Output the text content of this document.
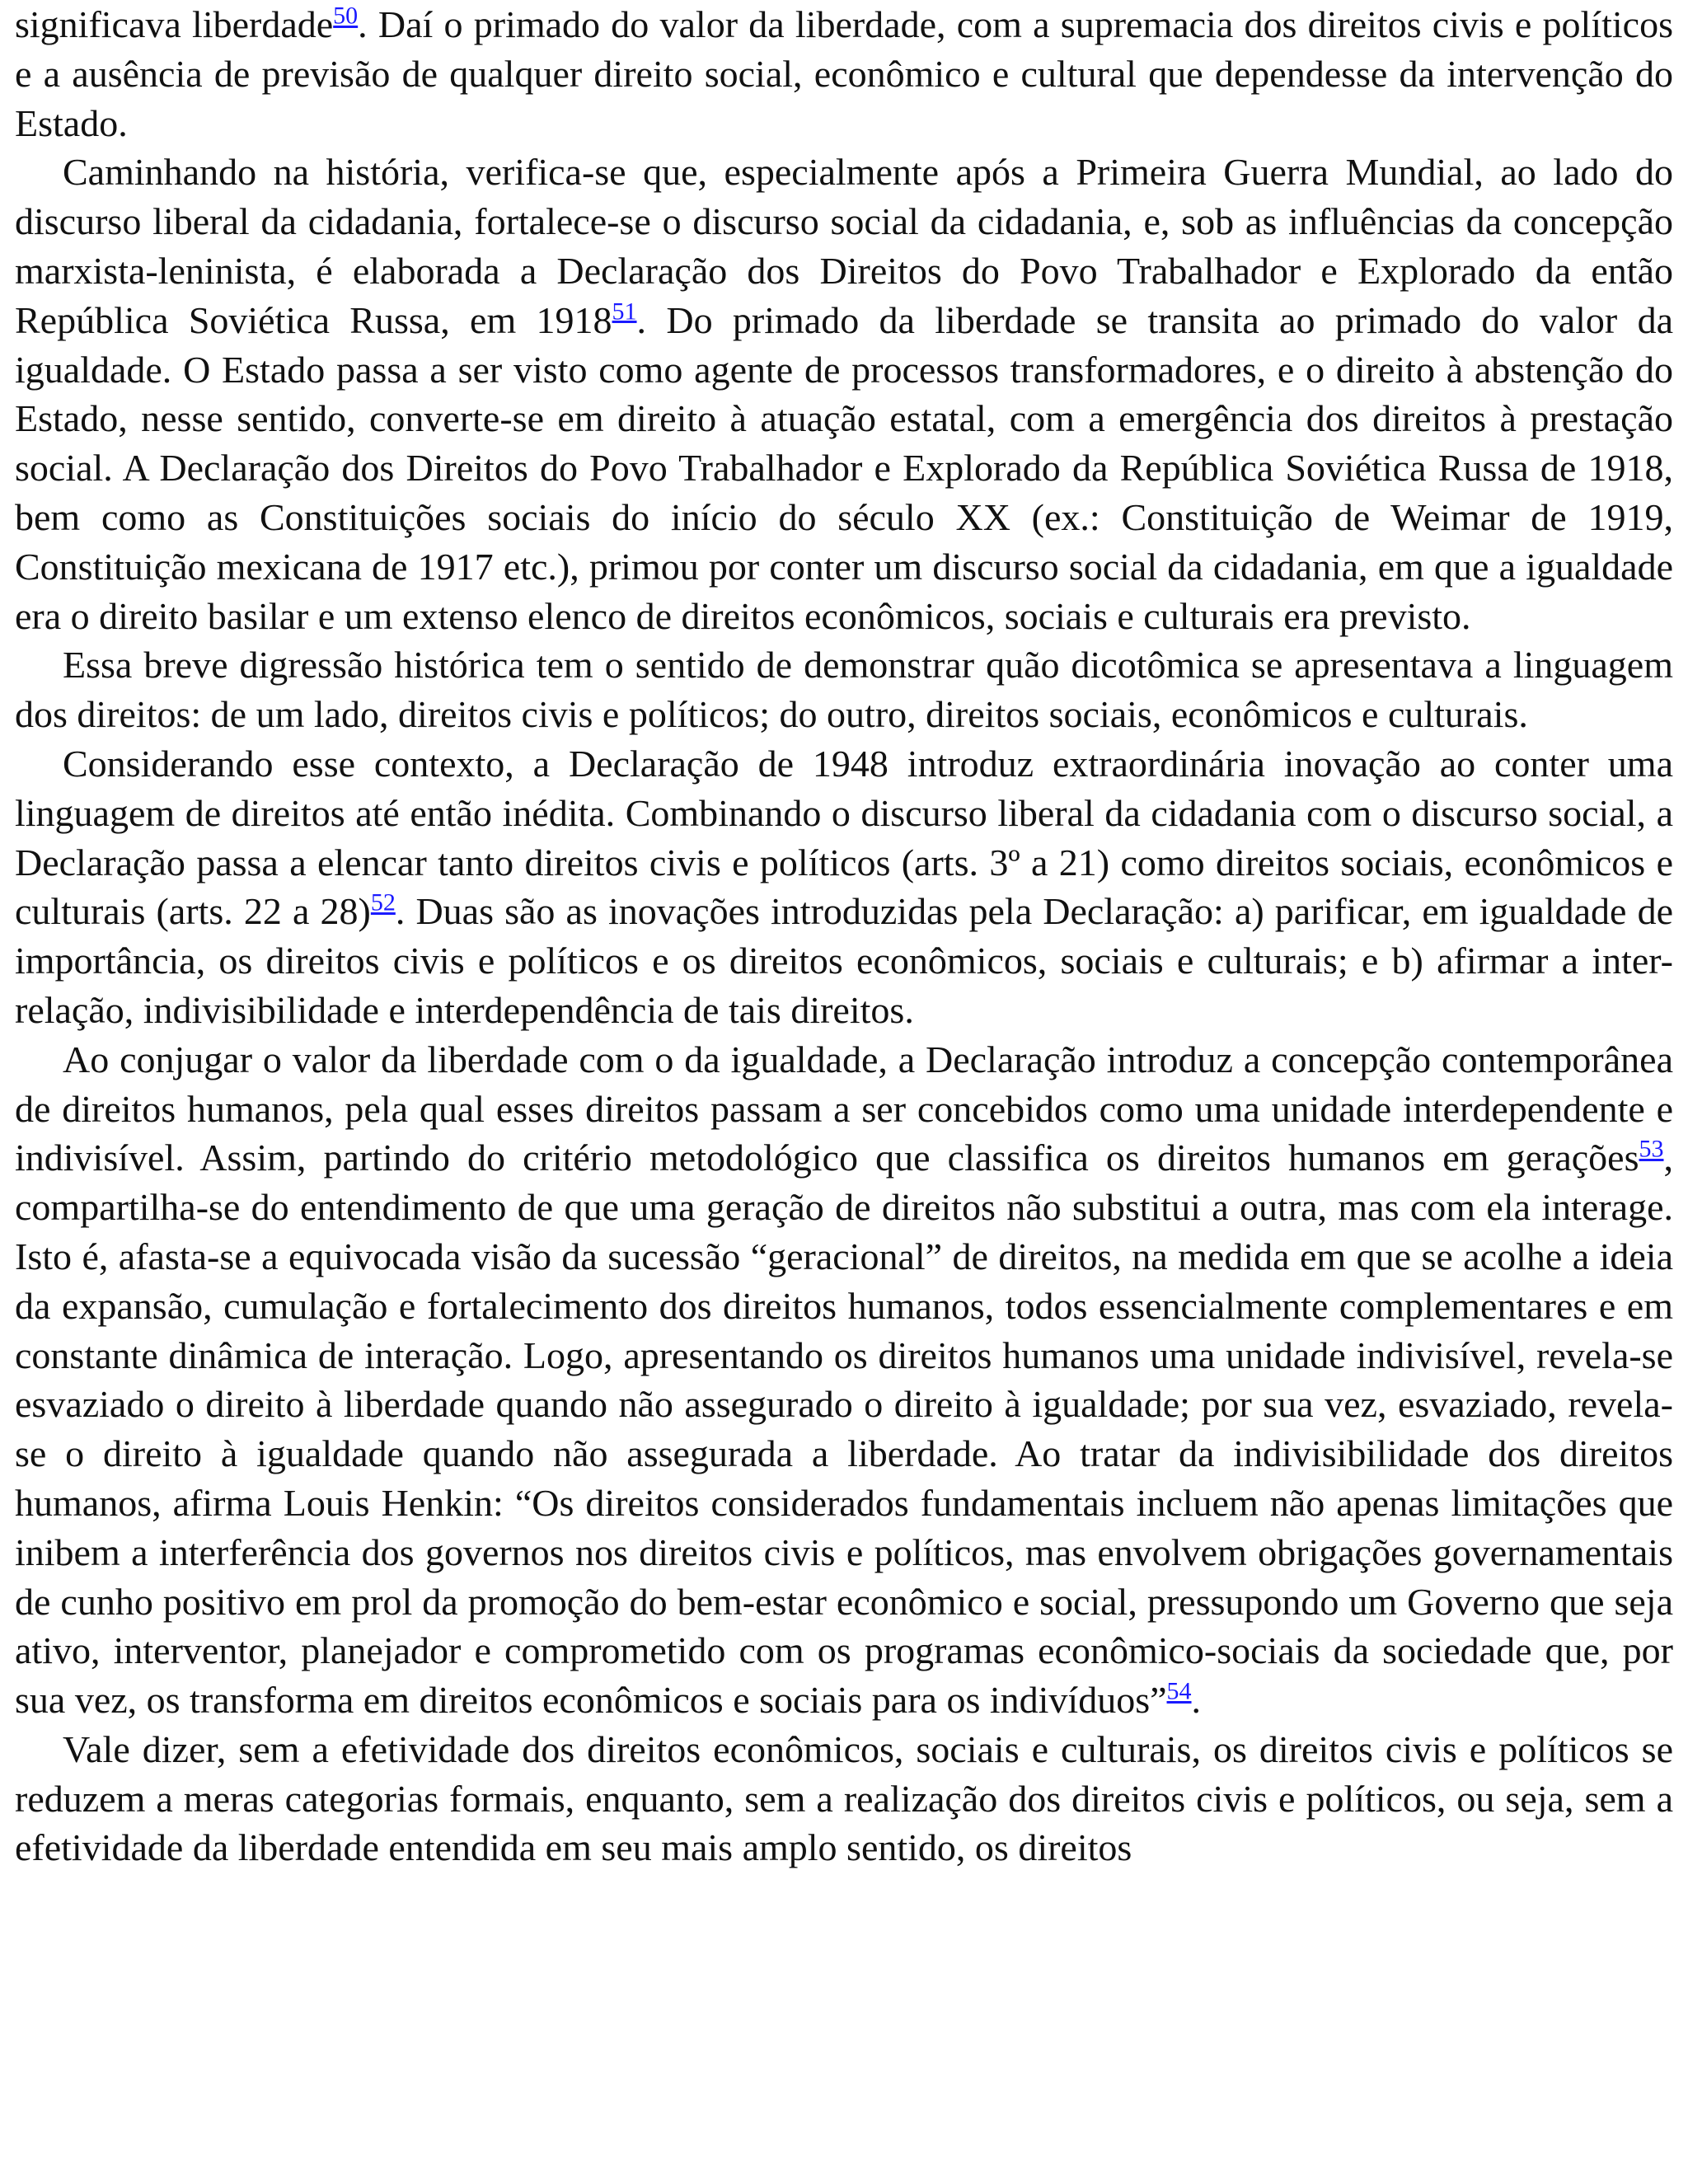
significava liberdade$^{50}$. Daí o primado do valor da liberdade, com a supremacia dos direitos civis e políticos e a ausência de previsão de qualquer direito social, econômico e cultural que dependesse da intervenção do Estado.

Caminhando na história, verifica-se que, especialmente após a Primeira Guerra Mundial, ao lado do discurso liberal da cidadania, fortalece-se o discurso social da cidadania, e, sob as influências da concepção marxista-leninista, é elaborada a Declaração dos Direitos do Povo Trabalhador e Explorado da então República Soviética Russa, em 1918$^{51}$. Do primado da liberdade se transita ao primado do valor da igualdade. O Estado passa a ser visto como agente de processos transformadores, e o direito à abstenção do Estado, nesse sentido, converte-se em direito à atuação estatal, com a emergência dos direitos à prestação social. A Declaração dos Direitos do Povo Trabalhador e Explorado da República Soviética Russa de 1918, bem como as Constituições sociais do início do século XX (ex.: Constituição de Weimar de 1919, Constituição mexicana de 1917 etc.), primou por conter um discurso social da cidadania, em que a igualdade era o direito basilar e um extenso elenco de direitos econômicos, sociais e culturais era previsto.

Essa breve digressão histórica tem o sentido de demonstrar quão dicotômica se apresentava a linguagem dos direitos: de um lado, direitos civis e políticos; do outro, direitos sociais, econômicos e culturais.

Considerando esse contexto, a Declaração de 1948 introduz extraordinária inovação ao conter uma linguagem de direitos até então inédita. Combinando o discurso liberal da cidadania com o discurso social, a Declaração passa a elencar tanto direitos civis e políticos (arts. 3º a 21) como direitos sociais, econômicos e culturais (arts. 22 a 28)$^{52}$. Duas são as inovações introduzidas pela Declaração: a) parificar, em igualdade de importância, os direitos civis e políticos e os direitos econômicos, sociais e culturais; e b) afirmar a inter-relação, indivisibilidade e interdependência de tais direitos.

Ao conjugar o valor da liberdade com o da igualdade, a Declaração introduz a concepção contemporânea de direitos humanos, pela qual esses direitos passam a ser concebidos como uma unidade interdependente e indivisível. Assim, partindo do critério metodológico que classifica os direitos humanos em gerações$^{53}$, compartilha-se do entendimento de que uma geração de direitos não substitui a outra, mas com ela interage. Isto é, afasta-se a equivocada visão da sucessão “geracional” de direitos, na medida em que se acolhe a ideia da expansão, cumulação e fortalecimento dos direitos humanos, todos essencialmente complementares e em constante dinâmica de interação. Logo, apresentando os direitos humanos uma unidade indivisível, revela-se esvaziado o direito à liberdade quando não assegurado o direito à igualdade; por sua vez, esvaziado, revela-se o direito à igualdade quando não assegurada a liberdade. Ao tratar da indivisibilidade dos direitos humanos, afirma Louis Henkin: “Os direitos considerados fundamentais incluem não apenas limitações que inibem a interferência dos governos nos direitos civis e políticos, mas envolvem obrigações governamentais de cunho positivo em prol da promoção do bem-estar econômico e social, pressupondo um Governo que seja ativo, interventor, planejador e comprometido com os programas econômico-sociais da sociedade que, por sua vez, os transforma em direitos econômicos e sociais para os indivíduos”$^{54}$.

Vale dizer, sem a efetividade dos direitos econômicos, sociais e culturais, os direitos civis e políticos se reduzem a meras categorias formais, enquanto, sem a realização dos direitos civis e políticos, ou seja, sem a efetividade da liberdade entendida em seu mais amplo sentido, os direitos
